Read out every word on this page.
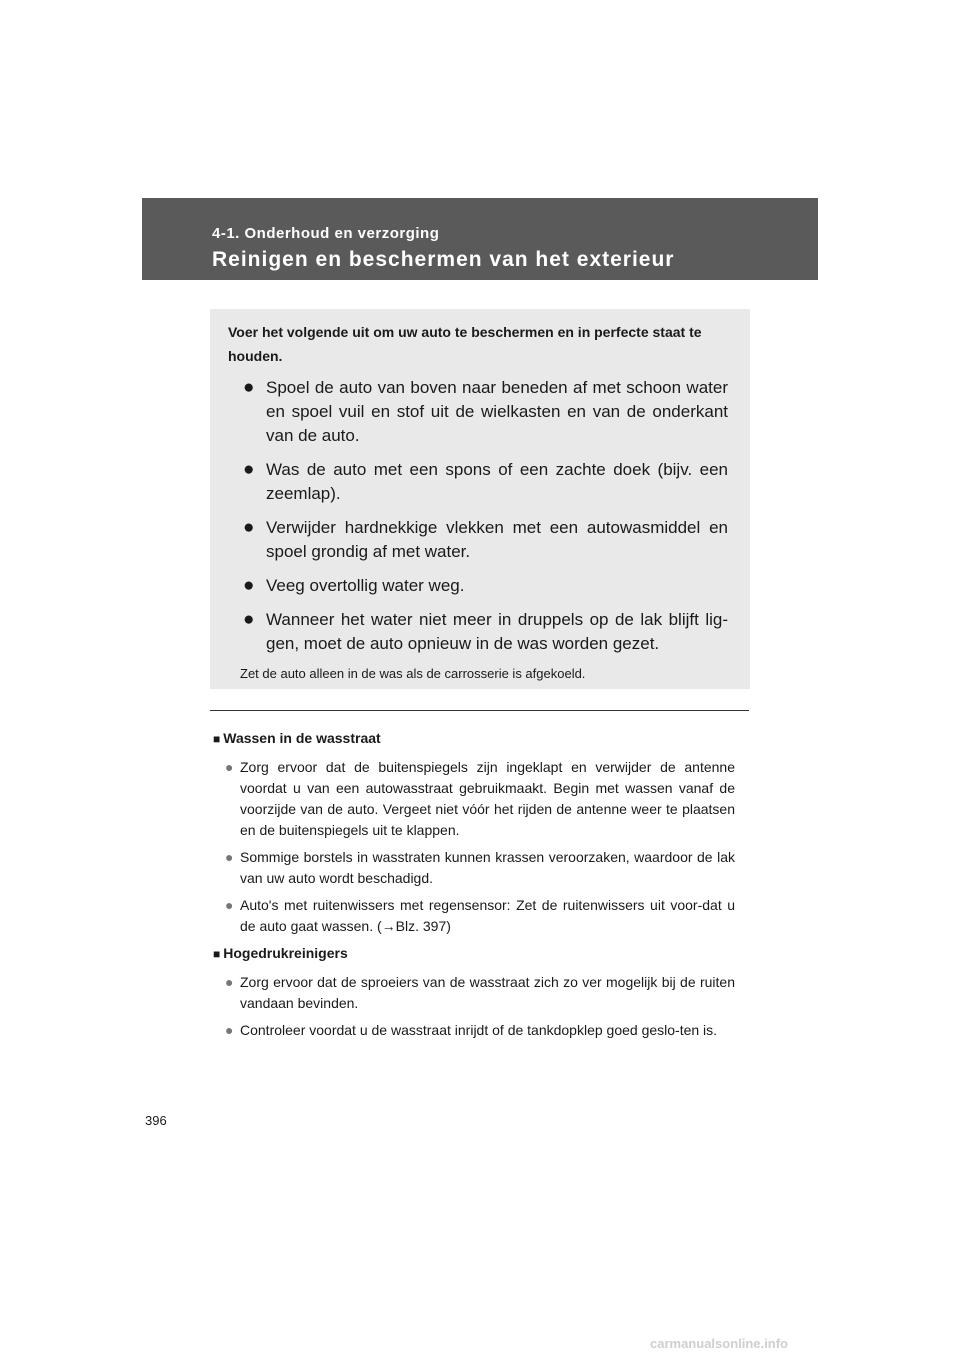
4-1. Onderhoud en verzorging
Reinigen en beschermen van het exterieur

Voer het volgende uit om uw auto te beschermen en in perfecte staat te houden.

● Spoel de auto van boven naar beneden af met schoon water en spoel vuil en stof uit de wielkasten en van de onderkant van de auto.
● Was de auto met een spons of een zachte doek (bijv. een zeemlap).
● Verwijder hardnekkige vlekken met een autowasmiddel en spoel grondig af met water.
● Veeg overtollig water weg.
● Wanneer het water niet meer in druppels op de lak blijft lig-gen, moet de auto opnieuw in de was worden gezet.

Zet de auto alleen in de was als de carrosserie is afgekoeld.

■ Wassen in de wasstraat

● Zorg ervoor dat de buitenspiegels zijn ingeklapt en verwijder de antenne voordat u van een autowasstraat gebruikmaakt. Begin met wassen vanaf de voorzijde van de auto. Vergeet niet vóór het rijden de antenne weer te plaatsen en de buitenspiegels uit te klappen.
● Sommige borstels in wasstraten kunnen krassen veroorzaken, waardoor de lak van uw auto wordt beschadigd.
● Auto's met ruitenwissers met regensensor: Zet de ruitenwissers uit voor-dat u de auto gaat wassen. (→Blz. 397)

■ Hogedrukreinigers

● Zorg ervoor dat de sproeiers van de wasstraat zich zo ver mogelijk bij de ruiten vandaan bevinden.
● Controleer voordat u de wasstraat inrijdt of de tankdopklep goed geslo-ten is.
396
carmanualsonline.info
